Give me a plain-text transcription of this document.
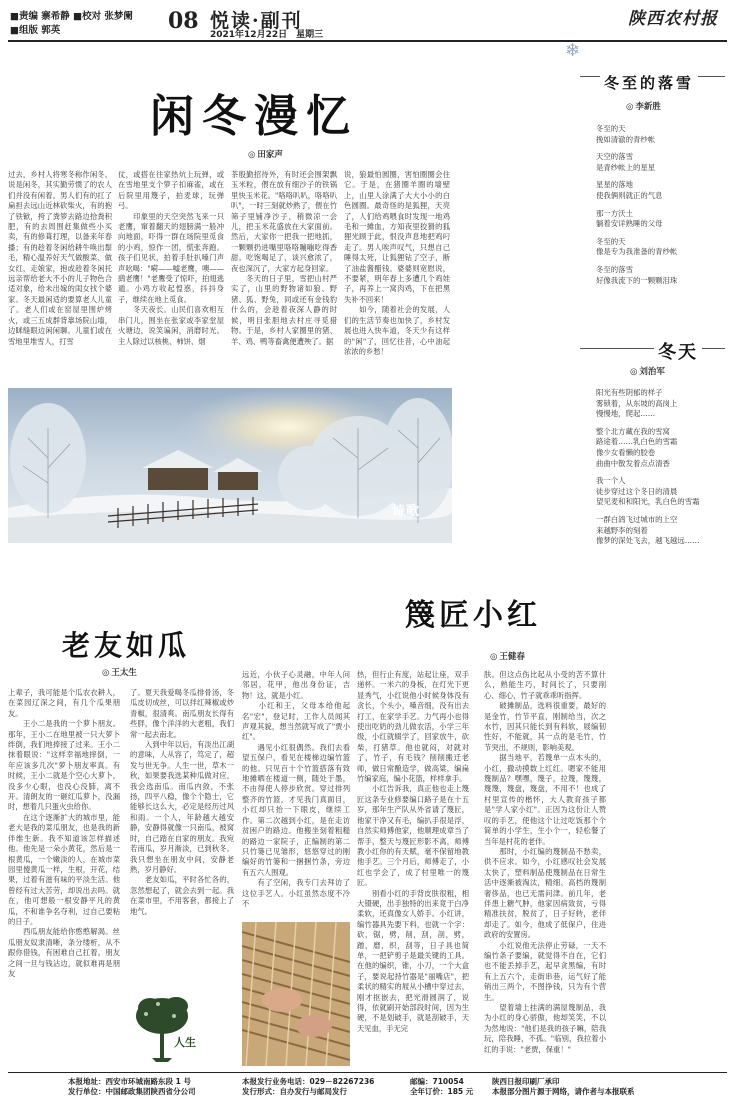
■责编 寨希静 ■校对 张梦阑
■组版 郭英	08 悦读·副刊
2021年12月22日　星期三
陕西农村报
闲冬漫忆
◎ 田家声
过去，乡村人将寒冬称作闲冬。说是闲冬，其实勤劳惯了的农人们并没有闲着。男人们有的扛了扁担去远山近林砍柴火，有的抱了铁锨，挎了粪箩去路边拾粪积肥，有的去周围赶集做些小买卖，有的修葺打理，以备来年春播；有的趁着冬闲给耕牛唤出鬃毛，精心温养好天气做酸菜、做女红，走娘家，抱或趁着冬闲托远亲帮给老大不小的儿子物色合适对象，给未出嫁的闺女找个婆家。冬天最闲适的要算老人儿童了。老人们或在窑屋里围炉烤火，或三五成群背靠场院山墙，边眯缝眼边闲闲聊。儿童们或在雪地里堆雪人，打雪
仗，或搭在往家热炕上玩弹，或在雪地里支个箩子扣麻雀，或在后院里用篾子，拍麦球，玩弹弓。
　　印象里的天空突然飞来一只老鹰，窜着翻天的翅膀满一般冲向地面，吓得一群在场院里觅食的小鸡，惊作一团，慌张奔跑。孩子们见状，拍着手肚扒嗓门声声吆喝："嗬——嘘老鹰，噢——鹞老鹰！"老鹰受了惊吓，拍翅逃遁。小鸡方收起惶惑，抖抖身子，继续在地上觅食。
　　冬天夜长。山民们喜欢相互串门儿，围坐在张家或李家堂屋火塘边，说笑谝闲，消磨时光。主人除过以核桃、柿饼、烟
茶殷勤招待外，有时还会围架飘玉米粒，偎在放有细沙子的铁锅里快玉米花。"咯咯叭叭，咯咯叭叭"，一时三刻就炒熟了，偎在竹筛子里铺净沙子，稍微凉一会儿，把玉米花盛放在大家面前。然后，大家你一把我一把地抓，一颗颗扔进嘴里咯咯嘣嘣吃得香甜。吃饱喝足了，谈兴愈浓了，夜也深沉了，大家方起身回家。
　　冬天的日子里，雪把山村严实了，山里的野物诸如狼、野猪、狐、野兔，同或还有金钱豹什么的，会趁着夜深人静的时候，明目张胆地去村庄寻觅猎物。于是，乡村人家圈里的猪、羊、鸡、鸭等畜禽便遭殃了。据
说，狼最怕圆圈，害怕圈圈会住它。于是，在猪圈羊圈的墙壁上，山里人涂满了大大小小的白色圆圈。最奇怪的是狐狸，天亮了，人们给鸡喂食时发现一地鸡毛和一摊血，方知夜里狡猾的狐狸光顾于此，恨没声息地把鸡叼走了。男人唉声叹气，只想自己睡得太死，让狐狸钻了空子，断了油盐酱醋钱。婆婆则宽慰说，不要紧，明年春上多遭几个鸡娃子，再养上一窝肉鸡，下在把黑失补不回来！
　　如今，随着社会的发展，人们的生活节奏也加快了，乡村发展也进入快车道，冬天少有这样的"闲"了，回忆往昔，心中油起浓浓的乡愁！
诗歌
冬至的落雪
◎ 李新胜
冬至的天
挽如清澈的青纱帐
天空的落雪
是青纱帐上的星星
星星的落地
使我俩则就正的气息
那一方沃土
躺着安详熟睡的父母
冬至的天
像是专为我准备的青纱帐
冬至的落雪
好像我流下的一颗颗泪珠
冬天
◎ 刘治军
阳光有些阴郁的样子
雾锁着，从东坡的高岗上
慢慢地，爬起……
整个北方藏在我的雪窝
路途着……乳白色的雪霜
像少女看懒的胶卷
曲曲中散发着点点清香
我一个人
徒步穿过这个冬日的清晨
望见麦和和阳光，乳白色的雪霜
一群白鸽飞过城市的上空
来越野李的刻着
像梦的深处飞去，越飞越远……
篾匠小红
◎ 王健春
老友如瓜
◎ 王太生
上辈子，我可能是个瓜农衣耕人，在菜园辽深之间，有几个瓜果朋友。
　　王小二是我的一个萝卜朋友。那年，王小二在地里被一只大萝卜绊倒，我们地捧接了过来。王小二抹着眼说："这样幸福地摔倒，一年应该多几次"萝卜朋友率真。有时候，王小二就是个空心大萝卜，没多少心眼，也没心没肺，离不开。清朗友的一砸红瓜萝卜，没漏时，想着几只蛋火虫给你。
　　在这个逐渐扩大的城市里，能老大是我的菜瓜朋友，也是我的新伴维生新。我不知道该怎样描述他。他先是一朵小黄花，然后是一根黄瓜，一个嫩淡的人，在城市菜园里傻黄瓜一样，生根，开花，结果，过着有滋有味的平淡生活。他曾经有过大苦劳，却说出去吗。就在，他可想般一根安静平凡的黄瓜，不和谁争名夺利，过自己要粘的日子。
　　西瓜朋友能给你憨憨解渴。丝瓜朋友奴隶清晰，条分缕析，从不跟你借钱，有困难自己扛着。朋友之间一旦与钱沾边，就似难再是朋友
了。夏天我爱喝冬瓜排骨汤，冬瓜皮切成丝，可以拌红辣椒或炒青椒，很清爽。南瓜朋友长得有些胖，像个洋洋的大老粗，我们常一起去南北。
　　入到中年以后，有淡出江湖的意味，人从容了，笃定了，超发与世无争。人生一世，草木一秋，如果要我选某种瓜做对应，我会选南瓜。南瓜内敛，不张扬，四平八稳，像个个隐士，它能够长这么大，必定是经历过风和雨。一个人，年龄越大越安静，安静得就像一只南瓜，被窝时，自己踏在自家的朋友。我宛若南瓜，岁月渐淡，已到秋冬。我只想坐在朋友中间，安静老熟，岁月静好。
　　老友如瓜，平时各忙各的，忽然想起了，就会去到一起。我在菜市里，不用客套，都接上了地气。
人生
远近，小伙子心灵融，中年人问邻居，花甲，他出身份证，吉物！这，就是小红。
　　小红和王，父母本给他起名"宏"，登记时，工作人员闻其声观其貌，想当然就写成了"贾小红"。
　　遇见小红很偶然。我们去看望五保户，看见在楼梯边编竹篮的他。只见百十个竹篮搭落有致地摊晒在楼道一侧，随处于墨，不由得使人停步欣赏。穿过排列整齐的竹篮，才见我门真面目，小红却只抬一下眼皮，继续工作。第二次越到小红，是在走访贫困户的路边。他搬坐刻着粗糙的路边一家院子，正编制的第二只竹篓已见雏形，悠悠穿过的刚编好的竹篓和一捆捆竹条，旁边有五六人围观。
　　有了空闲，我专门去拜访了这位手艺人。小红虽然态度不冷不
热，但行止有度，站起让座，双手递杯。一米六的身板，在灯光下更显秀气，小红说他小时候身体没有贪长，个头小，嗓音细，没有出去打工，在家学手艺。力气再小也得使出吃奶的劲儿做农活，小学三年级，小红就辍学了，回家放牛，砍柴，打猪草。他也就闷，对就对了，竹子，有毛钱？削削搬迁老师，做日常酿造学，做高粱，编扁竹编家庭，编小花篮，样样拿手。
　　小红告诉我，真正他也走上篾匠这条专业修要编口路子是在十五岁，那年生产队从外省请了篾匠，他家干净又有毛，编扒手很是浮，自然实师傅他家，他顺理成章当了帮手，整天与篾匠形影不离，师傅教小红你的有天赋，毫不保留地教他手艺。三个月后，师傅走了，小红也学会了，成了村里唯一的篾匠。
　　别看小红的手背皮肤很粗，相大镊硬，出手独特的出来竟于白净柔软，还真像女人娇手。小红讲，编竹器具先要下料，也就一个字：砍，锯，劈，削，刮，剖，劈，蹭，磨，织，刮等，日子具也简单，一把铲剪子是最关键的工具。在他的编织，锥，小刀，一个大盒子，要说起持竹器是"丽嘴店"，把柔状的精实的屐从小槽中穿过去，刚才抠嵌去，把光滑圆润了，说得，依就刷开始部段时间，因为生硬，不是划破手，就是刮破手，天天见血，手无完
肤。但这点伤比起从小受的苦不算什么，熟能生巧，时间长了，只要削心、细心，竹子就乖乖听指挥。
　　破摊制品，选料很重要，最好的是金竹，竹节平直，刚制给当，次之水竹，因其只能长到有料软，屐编韧性好，不能就，其一点的是毛竹，竹节突出，不规则，影响美观。
　　据当地平，若篾单一点木头的，小红，撒动摸数上红红。嗯家不能用篾制品？嘿嘿，篾子，拉篾，篾篾，篾篾，篾盘，篾盘，不用不！也成了村里宣传的楷怀，大人教育孩子都是"学人家小红"。正因为这份让人赞叹的手艺，使他这个让过吃饭那个个简单的小学生，生小个一，轻松餐了当年是村花的老伴。
　　那时，小红编的篾制品不愁卖，供不应求。如今，小红感叹社会发展太快了，塑料制品使篾制品在日常生活中逐渐被淘汰，精细、高档的篾制奢侈品，也已无需问津。前几年，老伴患上糖气肿，他家因病致贫，亏得精准扶贫，脱贫了，日子好转，老伴却走了。如今，他成了低保户，住进政府的安置房。
　　小红说他无法停止劳碌，一天不编竹条子要编，就觉得不自在，它们也不能丢掉手艺，起早贪黑编，有时有上五六个，走街串巷，运气好了能销出三两个，不图挣钱，只为有个营生。
　　望着墙上挂满的满屋篾制品，我为小红的身心骄傲，他却笑笑，不以为然地说："他们是我的孩子嘛，陪我玩，陪我睡，不孤。"临别，我拉着小红的手说："老贾，保重！"
❄
本报地址：西安市环城南路东段 1 号	本报发行业务电话：029－82267236	邮编：710054	陕西日报印刷厂承印
发行单位：中国邮政集团陕西省分公司	发行形式：自办发行与邮局发行	全年订价：185 元 本报部分图片源于网络，请作者与本报联系
